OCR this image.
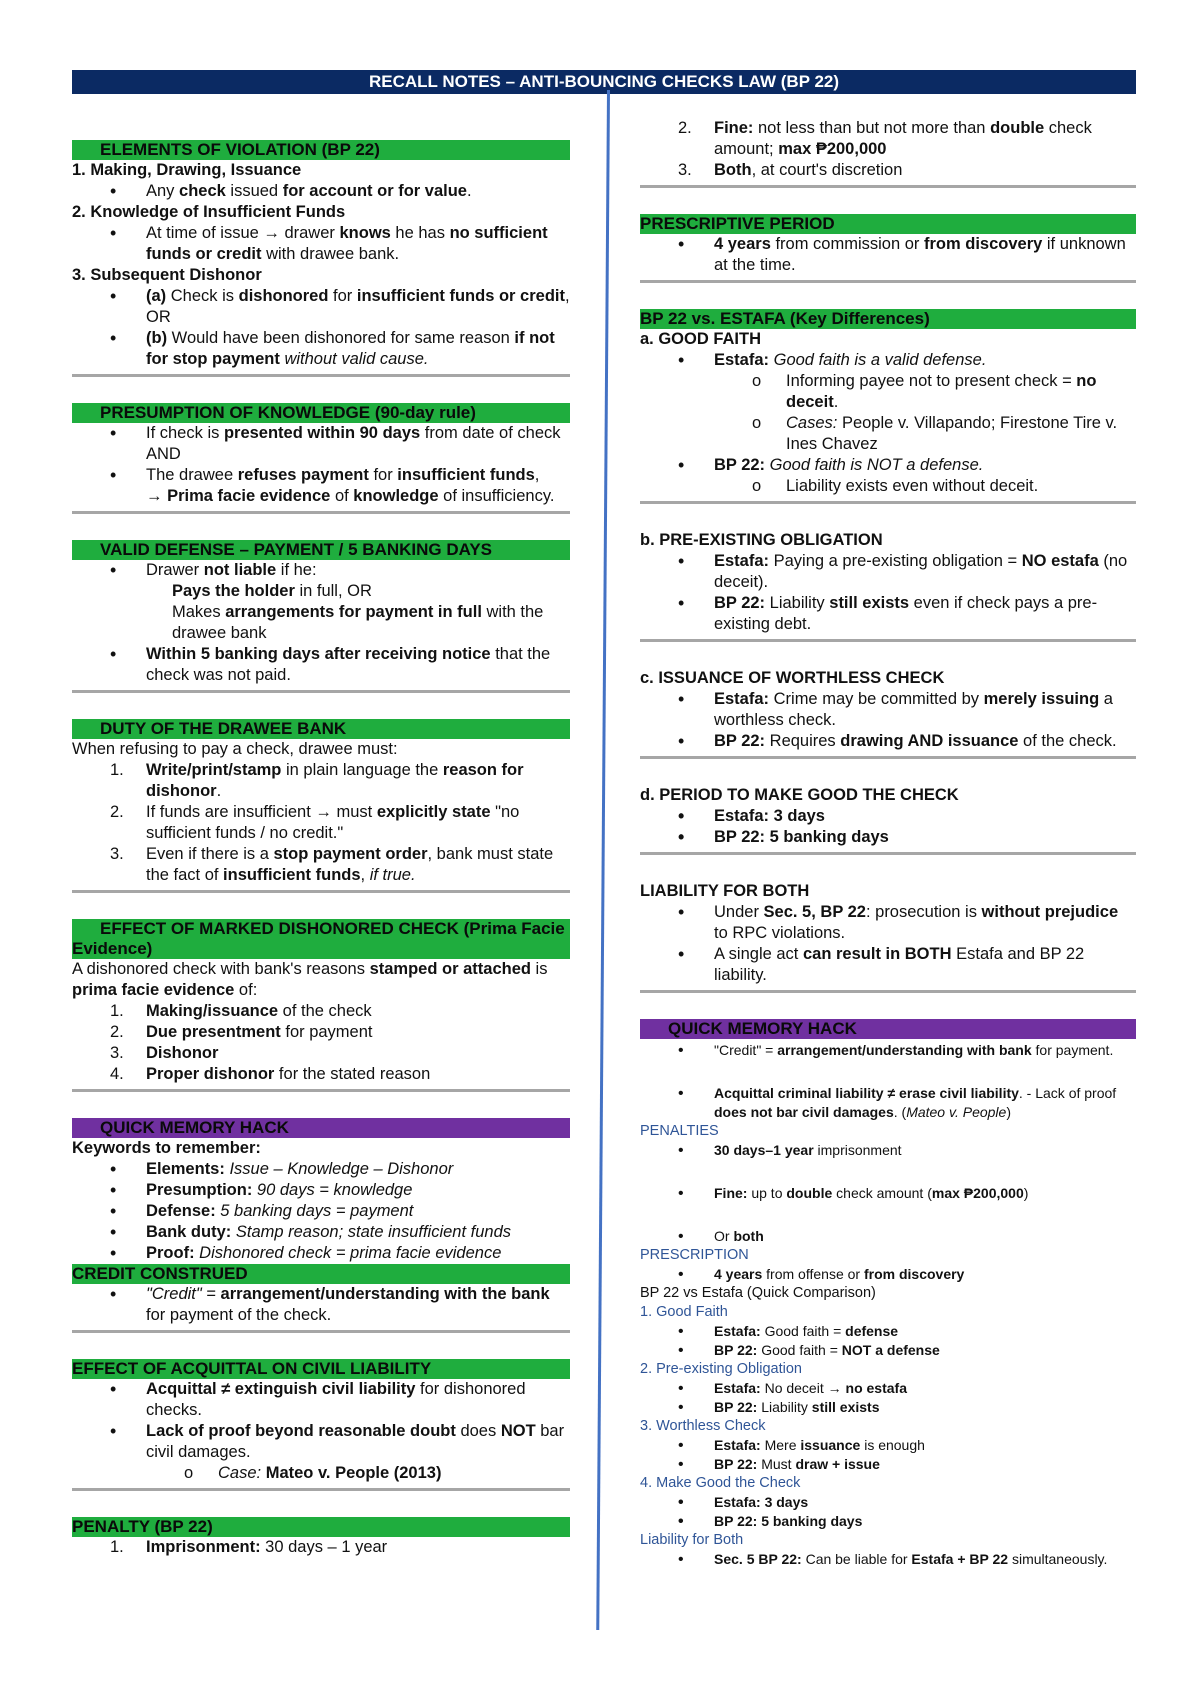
RECALL NOTES – ANTI-BOUNCING CHECKS LAW (BP 22)
ELEMENTS OF VIOLATION (BP 22)
1. Making, Drawing, Issuance
• Any check issued for account or for value.
2. Knowledge of Insufficient Funds
• At time of issue → drawer knows he has no sufficient funds or credit with drawee bank.
3. Subsequent Dishonor
• (a) Check is dishonored for insufficient funds or credit, OR
• (b) Would have been dishonored for same reason if not for stop payment without valid cause.
PRESUMPTION OF KNOWLEDGE (90-day rule)
• If check is presented within 90 days from date of check AND
• The drawee refuses payment for insufficient funds,
→ Prima facie evidence of knowledge of insufficiency.
VALID DEFENSE – PAYMENT / 5 BANKING DAYS
• Drawer not liable if he:
Pays the holder in full, OR
Makes arrangements for payment in full with the drawee bank
• Within 5 banking days after receiving notice that the check was not paid.
DUTY OF THE DRAWEE BANK
When refusing to pay a check, drawee must:
1. Write/print/stamp in plain language the reason for dishonor.
2. If funds are insufficient → must explicitly state "no sufficient funds / no credit."
3. Even if there is a stop payment order, bank must state the fact of insufficient funds, if true.
EFFECT OF MARKED DISHONORED CHECK (Prima Facie Evidence)
A dishonored check with bank's reasons stamped or attached is prima facie evidence of:
1. Making/issuance of the check
2. Due presentment for payment
3. Dishonor
4. Proper dishonor for the stated reason
QUICK MEMORY HACK
Keywords to remember:
• Elements: Issue – Knowledge – Dishonor
• Presumption: 90 days = knowledge
• Defense: 5 banking days = payment
• Bank duty: Stamp reason; state insufficient funds
• Proof: Dishonored check = prima facie evidence
CREDIT CONSTRUED
• "Credit" = arrangement/understanding with the bank for payment of the check.
EFFECT OF ACQUITTAL ON CIVIL LIABILITY
• Acquittal ≠ extinguish civil liability for dishonored checks.
• Lack of proof beyond reasonable doubt does NOT bar civil damages.
o Case: Mateo v. People (2013)
PENALTY (BP 22)
1. Imprisonment: 30 days – 1 year
2. Fine: not less than but not more than double check amount; max ₱200,000
3. Both, at court's discretion
PRESCRIPTIVE PERIOD
• 4 years from commission or from discovery if unknown at the time.
BP 22 vs. ESTAFA (Key Differences)
a. GOOD FAITH
• Estafa: Good faith is a valid defense.
o Informing payee not to present check = no deceit.
o Cases: People v. Villapando; Firestone Tire v. Ines Chavez
• BP 22: Good faith is NOT a defense.
o Liability exists even without deceit.
b. PRE-EXISTING OBLIGATION
• Estafa: Paying a pre-existing obligation = NO estafa (no deceit).
• BP 22: Liability still exists even if check pays a pre-existing debt.
c. ISSUANCE OF WORTHLESS CHECK
• Estafa: Crime may be committed by merely issuing a worthless check.
• BP 22: Requires drawing AND issuance of the check.
d. PERIOD TO MAKE GOOD THE CHECK
• Estafa: 3 days
• BP 22: 5 banking days
LIABILITY FOR BOTH
• Under Sec. 5, BP 22: prosecution is without prejudice to RPC violations.
• A single act can result in BOTH Estafa and BP 22 liability.
QUICK MEMORY HACK
• "Credit" = arrangement/understanding with bank for payment.
• Acquittal criminal liability ≠ erase civil liability. - Lack of proof does not bar civil damages. (Mateo v. People)
PENALTIES
• 30 days–1 year imprisonment
• Fine: up to double check amount (max ₱200,000)
• Or both
PRESCRIPTION
• 4 years from offense or from discovery
BP 22 vs Estafa (Quick Comparison)
1. Good Faith
• Estafa: Good faith = defense
• BP 22: Good faith = NOT a defense
2. Pre-existing Obligation
• Estafa: No deceit → no estafa
• BP 22: Liability still exists
3. Worthless Check
• Estafa: Mere issuance is enough
• BP 22: Must draw + issue
4. Make Good the Check
• Estafa: 3 days
• BP 22: 5 banking days
Liability for Both
• Sec. 5 BP 22: Can be liable for Estafa + BP 22 simultaneously.
